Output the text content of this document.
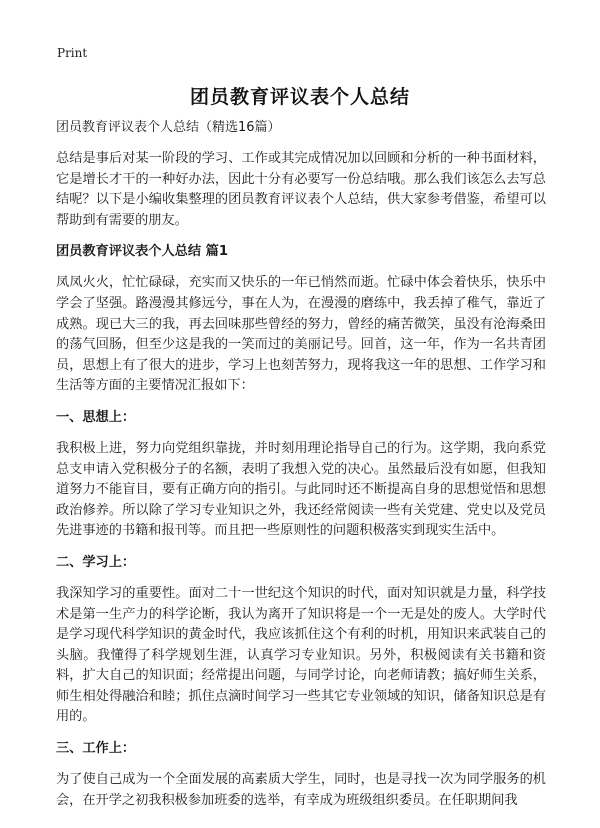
Print
团员教育评议表个人总结

团员教育评议表个人总结（精选16篇）

总结是事后对某一阶段的学习、工作或其完成情况加以回顾和分析的一种书面材料，它是增长才干的一种好办法，因此十分有必要写一份总结哦。那么我们该怎么去写总结呢？以下是小编收集整理的团员教育评议表个人总结，供大家参考借鉴，希望可以帮助到有需要的朋友。

团员教育评议表个人总结 篇1

凤凤火火，忙忙碌碌，充实而又快乐的一年已悄然而逝。忙碌中体会着快乐，快乐中学会了坚强。路漫漫其修远兮，事在人为，在漫漫的磨练中，我丢掉了稚气，靠近了成熟。现已大三的我，再去回味那些曾经的努力，曾经的痛苦微笑，虽没有沧海桑田的荡气回肠，但至少这是我的一笑而过的美丽记号。回首，这一年，作为一名共青团员，思想上有了很大的进步，学习上也刻苦努力，现将我这一年的思想、工作学习和生活等方面的主要情况汇报如下：

一、思想上：

我积极上进，努力向党组织靠拢，并时刻用理论指导自己的行为。这学期，我向系党总支申请入党积极分子的名额，表明了我想入党的决心。虽然最后没有如愿，但我知道努力不能盲目，要有正确方向的指引。与此同时还不断提高自身的思想觉悟和思想政治修养。所以除了学习专业知识之外，我还经常阅读一些有关党建、党史以及党员先进事迹的书籍和报刊等。而且把一些原则性的问题积极落实到现实生活中。

二、学习上：

我深知学习的重要性。面对二十一世纪这个知识的时代，面对知识就是力量，科学技术是第一生产力的科学论断，我认为离开了知识将是一个一无是处的废人。大学时代是学习现代科学知识的黄金时代，我应该抓住这个有利的时机，用知识来武装自己的头脑。我懂得了科学规划生涯，认真学习专业知识。另外，积极阅读有关书籍和资料，扩大自己的知识面；经常提出问题，与同学讨论，向老师请教；搞好师生关系，师生相处得融洽和睦；抓住点滴时间学习一些其它专业领域的知识，储备知识总是有用的。

三、工作上：

为了使自己成为一个全面发展的高素质大学生，同时，也是寻找一次为同学服务的机会，在开学之初我积极参加班委的选举，有幸成为班级组织委员。在任职期间我
